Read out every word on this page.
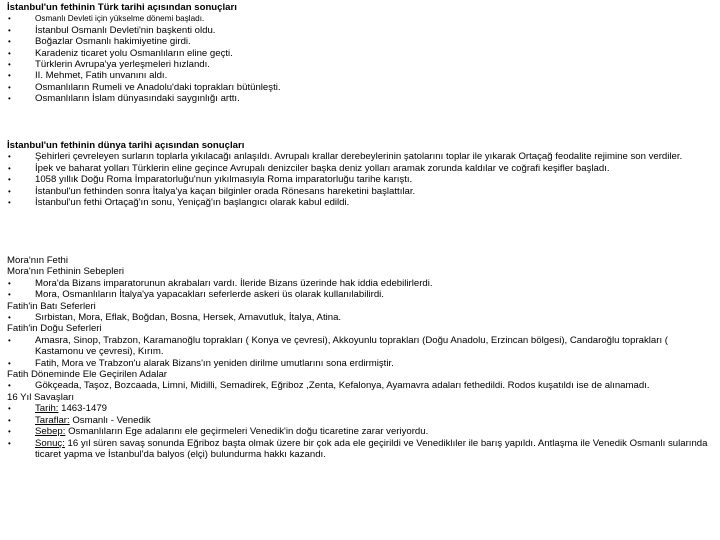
İstanbul'un fethinin Türk tarihi açısından sonuçları
•	Osmanlı Devleti için yükselme dönemi başladı.
•	İstanbul Osmanlı Devleti'nin başkenti oldu.
•	Boğazlar Osmanlı hakimiyetine girdi.
•	Karadeniz ticaret yolu Osmanlıların eline geçti.
•	Türklerin Avrupa'ya yerleşmeleri hızlandı.
•	II. Mehmet, Fatih unvanını aldı.
•	Osmanlıların Rumeli ve Anadolu'daki toprakları bütünleşti.
•	Osmanlıların İslam dünyasındaki saygınlığı arttı.
İstanbul'un fethinin dünya tarihi açısından sonuçları
•	Şehirleri çevreleyen surların toplarla yıkılacağı anlaşıldı. Avrupalı krallar derebeylerinin şatolarını toplar ile yıkarak Ortaçağ feodalite rejimine son verdiler.
•	İpek ve baharat yolları Türklerin eline geçince Avrupalı denizciler başka deniz yolları aramak zorunda kaldılar ve coğrafi keşifler başladı.
•	1058 yıllık Doğu Roma İmparatorluğu'nun yıkılmasıyla Roma imparatorluğu tarihe karıştı.
•	İstanbul'un fethinden sonra İtalya'ya kaçan bilginler orada Rönesans hareketini başlattılar.
•	İstanbul'un fethi Ortaçağ'ın sonu, Yeniçağ'ın başlangıcı olarak kabul edildi.
Mora'nın Fethi
Mora'nın Fethinin Sebepleri
•	Mora'da Bizans imparatorunun akrabaları vardı. İleride Bizans üzerinde hak iddia edebilirlerdi.
•	Mora, Osmanlıların İtalya'ya yapacakları seferlerde askeri üs olarak kullanılabilirdi.
Fatih'in Batı Seferleri
•	Sırbistan, Mora, Eflak, Boğdan, Bosna, Hersek, Arnavutluk, İtalya, Atina.
Fatih'in Doğu Seferleri
•	Amasra, Sinop, Trabzon, Karamanoğlu toprakları ( Konya ve çevresi), Akkoyunlu toprakları (Doğu Anadolu, Erzincan bölgesi), Candaroğlu toprakları ( Kastamonu ve çevresi), Kırım.
•	Fatih, Mora ve Trabzon'u alarak Bizans'ın yeniden dirilme umutlarını sona erdirmiştir.
Fatih Döneminde Ele Geçirilen Adalar
•	Gökçeada, Taşoz, Bozcaada, Limni, Midilli, Semadirek, Eğriboz ,Zenta, Kefalonya, Ayamavra adaları fethedildi. Rodos kuşatıldı ise de alınamadı.
16 Yıl Savaşları
•	Tarih: 1463-1479
•	Taraflar: Osmanlı - Venedik
•	Sebep: Osmanlıların Ege adalarını ele geçirmeleri Venedik'in doğu ticaretine zarar veriyordu.
•	Sonuç: 16 yıl süren savaş sonunda Eğriboz başta olmak üzere bir çok ada ele geçirildi ve Venediklıler ile barış yapıldı. Antlaşma ile Venedik Osmanlı sularında ticaret yapma ve İstanbul'da balyos (elçi) bulundurma hakkı kazandı.
